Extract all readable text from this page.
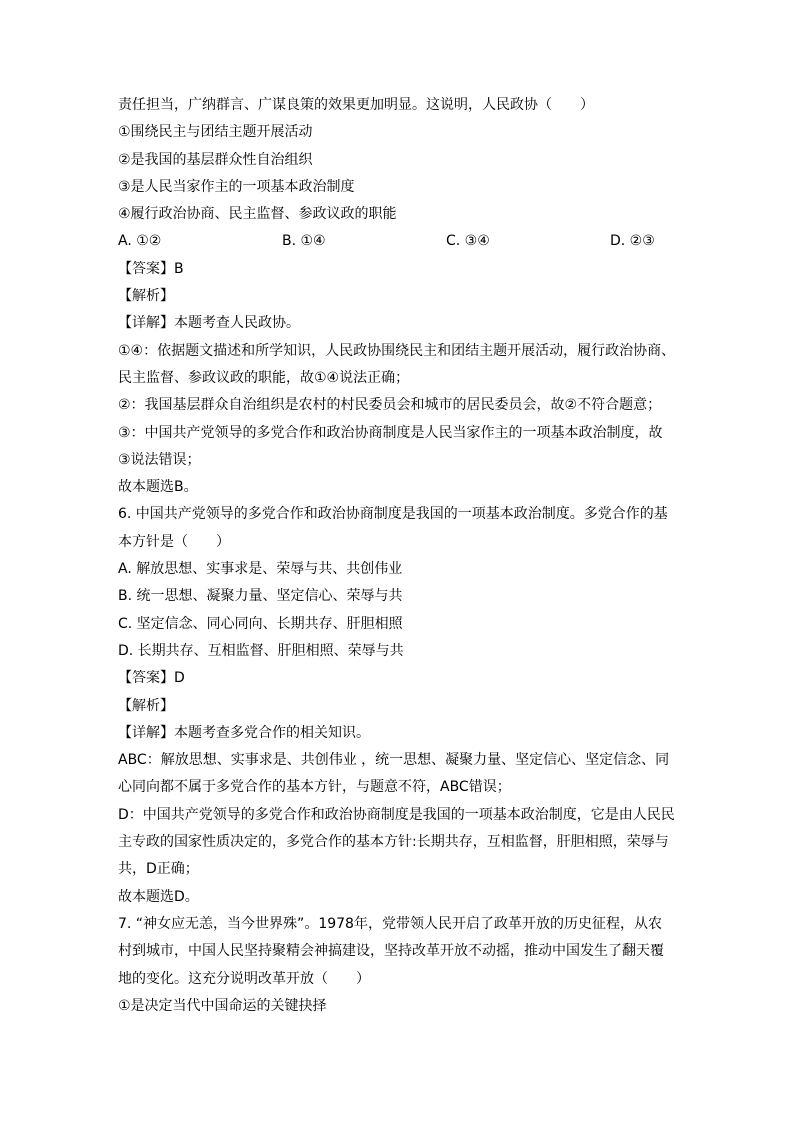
责任担当，广纳群言、广谋良策的效果更加明显。这说明，人民政协（　　）
①围绕民主与团结主题开展活动
②是我国的基层群众性自治组织
③是人民当家作主的一项基本政治制度
④履行政治协商、民主监督、参政议政的职能
A. ①②	B. ①④	C. ③④	D. ②③
【答案】B
【解析】
【详解】本题考查人民政协。
①④：依据题文描述和所学知识，人民政协围绕民主和团结主题开展活动，履行政治协商、
民主监督、参政议政的职能，故①④说法正确；
②：我国基层群众自治组织是农村的村民委员会和城市的居民委员会，故②不符合题意；
③：中国共产党领导的多党合作和政治协商制度是人民当家作主的一项基本政治制度，故
③说法错误；
故本题选B。
6. 中国共产党领导的多党合作和政治协商制度是我国的一项基本政治制度。多党合作的基
本方针是（　　）
A. 解放思想、实事求是、荣辱与共、共创伟业
B. 统一思想、凝聚力量、坚定信心、荣辱与共
C. 坚定信念、同心同向、长期共存、肝胆相照
D. 长期共存、互相监督、肝胆相照、荣辱与共
【答案】D
【解析】
【详解】本题考查多党合作的相关知识。
ABC：解放思想、实事求是、共创伟业 ，统一思想、凝聚力量、坚定信心、坚定信念、同
心同向都不属于多党合作的基本方针，与题意不符，ABC错误；
D：中国共产党领导的多党合作和政治协商制度是我国的一项基本政治制度，它是由人民民
主专政的国家性质决定的，多党合作的基本方针:长期共存，互相监督，肝胆相照，荣辱与
共，D正确；
故本题选D。
7. “神女应无恙，当今世界殊”。1978年，党带领人民开启了政革开放的历史征程，从农
村到城市，中国人民坚持聚精会神搞建设，坚持改革开放不动摇，推动中国发生了翻天覆
地的变化。这充分说明改革开放（　　）
①是决定当代中国命运的关键抉择
